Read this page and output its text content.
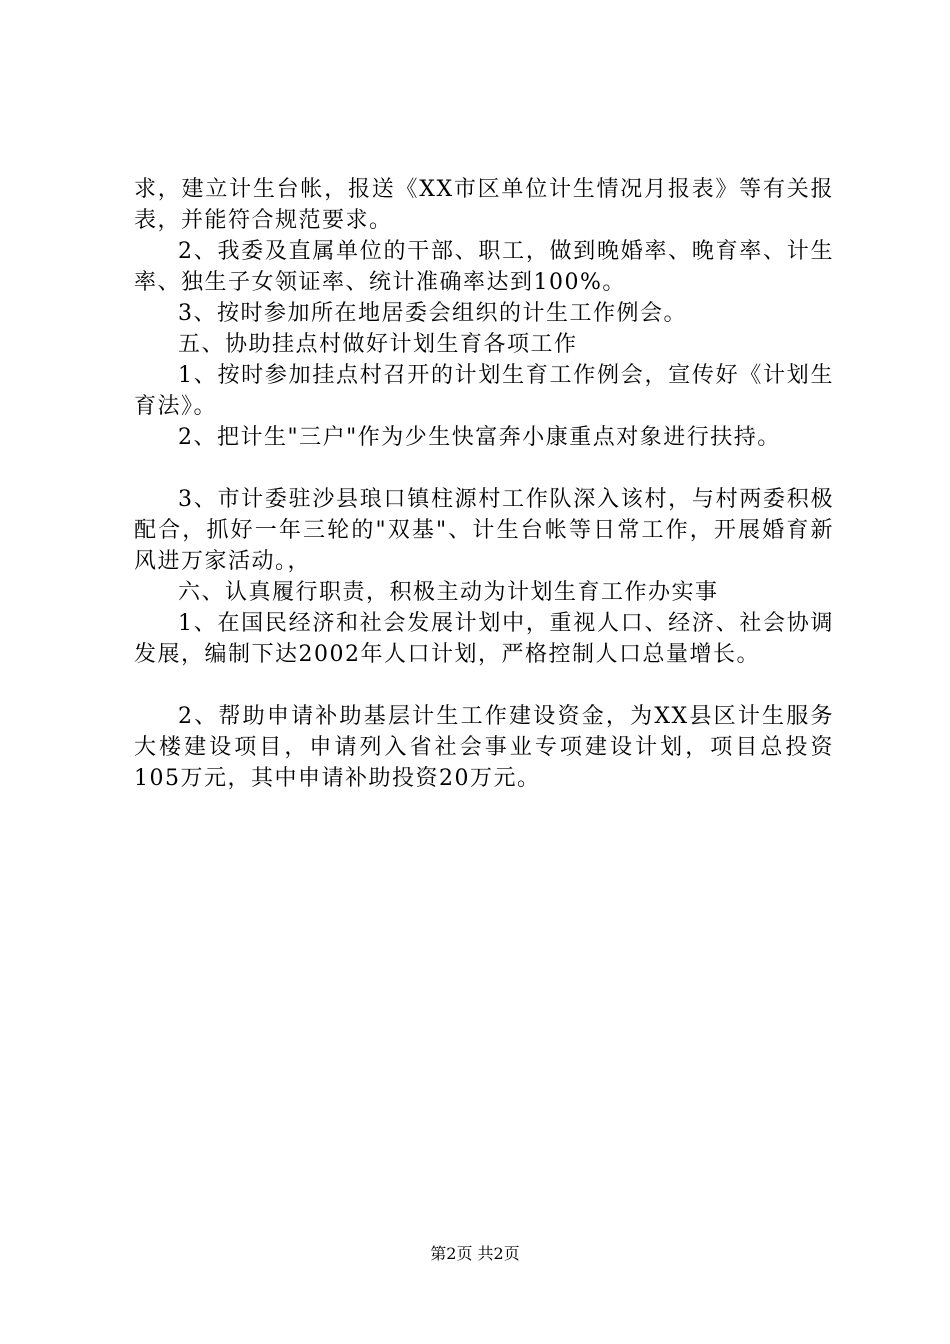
求，建立计生台帐，报送《XX市区单位计生情况月报表》等有关报表，并能符合规范要求。

2、我委及直属单位的干部、职工，做到晚婚率、晚育率、计生率、独生子女领证率、统计准确率达到100%。

3、按时参加所在地居委会组织的计生工作例会。

五、协助挂点村做好计划生育各项工作

1、按时参加挂点村召开的计划生育工作例会，宣传好《计划生育法》。

2、把计生"三户"作为少生快富奔小康重点对象进行扶持。

3、市计委驻沙县琅口镇柱源村工作队深入该村，与村两委积极配合，抓好一年三轮的"双基"、计生台帐等日常工作，开展婚育新风进万家活动。，

六、认真履行职责，积极主动为计划生育工作办实事

1、在国民经济和社会发展计划中，重视人口、经济、社会协调发展，编制下达2002年人口计划，严格控制人口总量增长。

2、帮助申请补助基层计生工作建设资金，为XX县区计生服务大楼建设项目，申请列入省社会事业专项建设计划，项目总投资105万元，其中申请补助投资20万元。

第2页 共2页
